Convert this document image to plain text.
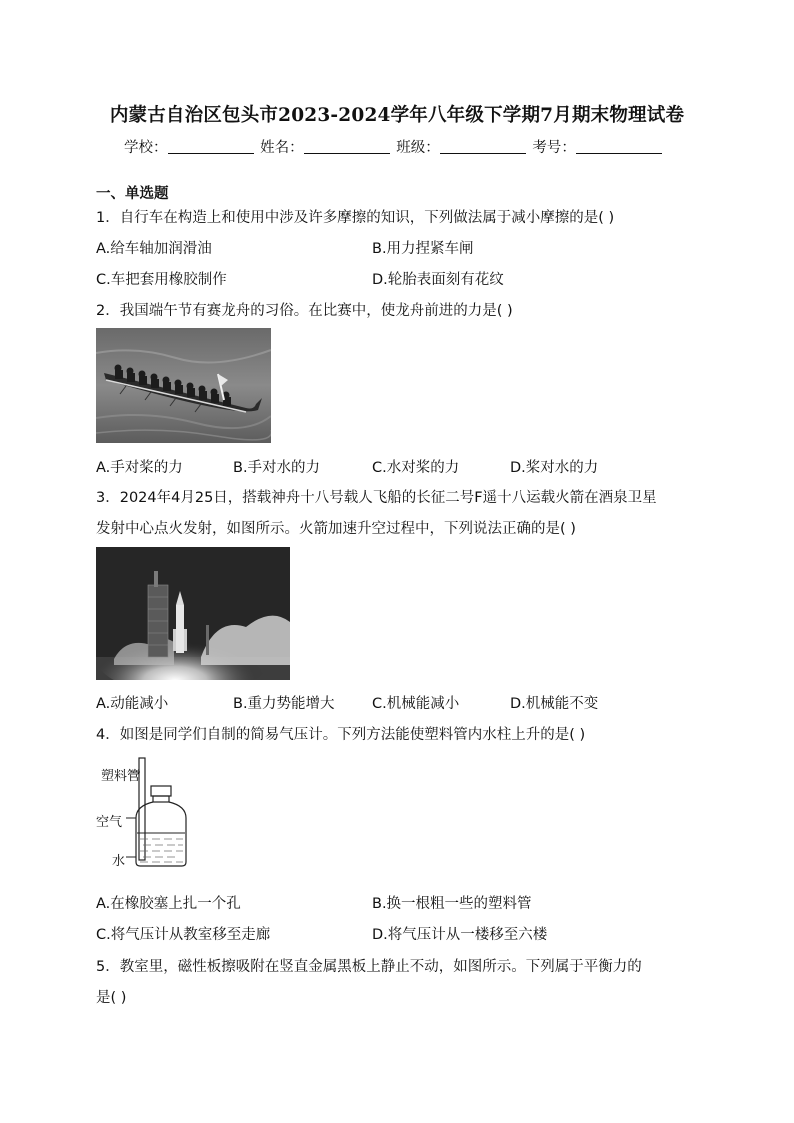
内蒙古自治区包头市2023-2024学年八年级下学期7月期末物理试卷
学校：	姓名：	班级：	考号：
一、单选题
1．自行车在构造上和使用中涉及许多摩擦的知识，下列做法属于减小摩擦的是( )
A.给车轴加润滑油	B.用力捏紧车闸
C.车把套用橡胶制作	D.轮胎表面刻有花纹
2．我国端午节有赛龙舟的习俗。在比赛中，使龙舟前进的力是( )
A.手对桨的力	B.手对水的力	C.水对桨的力	D.桨对水的力
3．2024年4月25日，搭载神舟十八号载人飞船的长征二号F遥十八运载火箭在酒泉卫星
发射中心点火发射，如图所示。火箭加速升空过程中，下列说法正确的是( )
A.动能减小	B.重力势能增大	C.机械能减小	D.机械能不变
4．如图是同学们自制的简易气压计。下列方法能使塑料管内水柱上升的是( )
塑料管
空气
水
A.在橡胶塞上扎一个孔	B.换一根粗一些的塑料管
C.将气压计从教室移至走廊	D.将气压计从一楼移至六楼
5．教室里，磁性板擦吸附在竖直金属黑板上静止不动，如图所示。下列属于平衡力的
是( )
